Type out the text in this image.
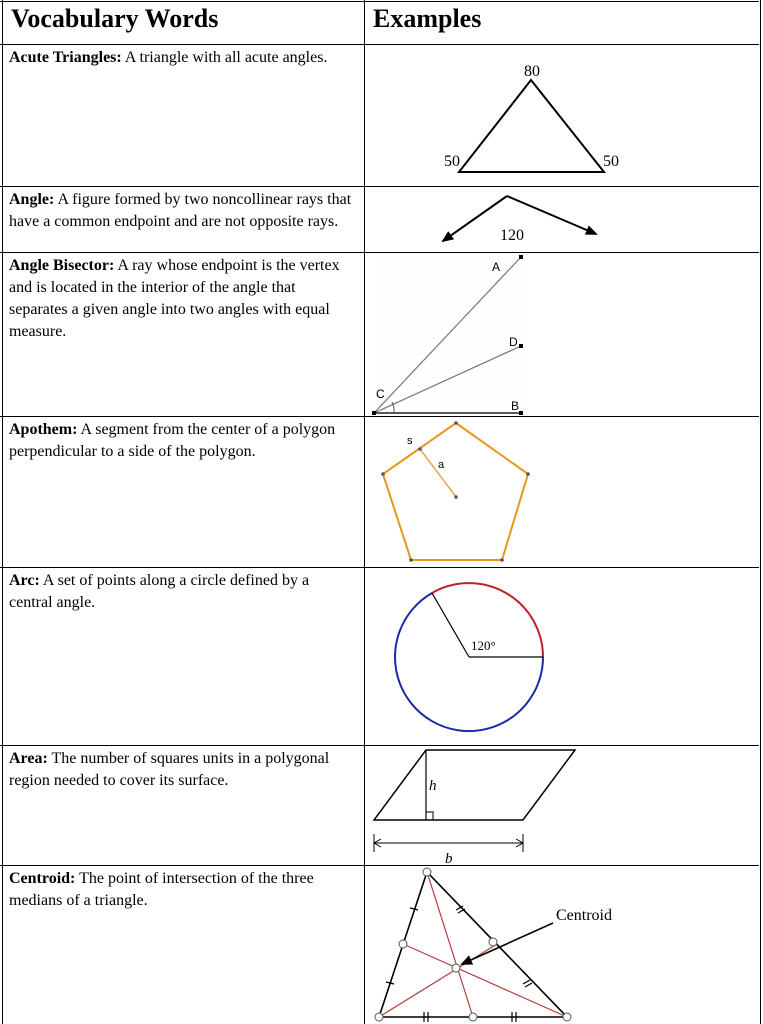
Vocabulary Words	Examples
Acute Triangles: A triangle with all acute angles.
Angle: A figure formed by two noncollinear rays that have a common endpoint and are not opposite rays.
Angle Bisector: A ray whose endpoint is the vertex and is located in the interior of the angle that separates a given angle into two angles with equal measure.
Apothem: A segment from the center of a polygon perpendicular to a side of the polygon.
Arc: A set of points along a circle defined by a central angle.
Area: The number of squares units in a polygonal region needed to cover its surface.
Centroid: The point of intersection of the three medians of a triangle.
80
50	50
120
A
D
C
B
s
a
120°
h
b
Centroid
